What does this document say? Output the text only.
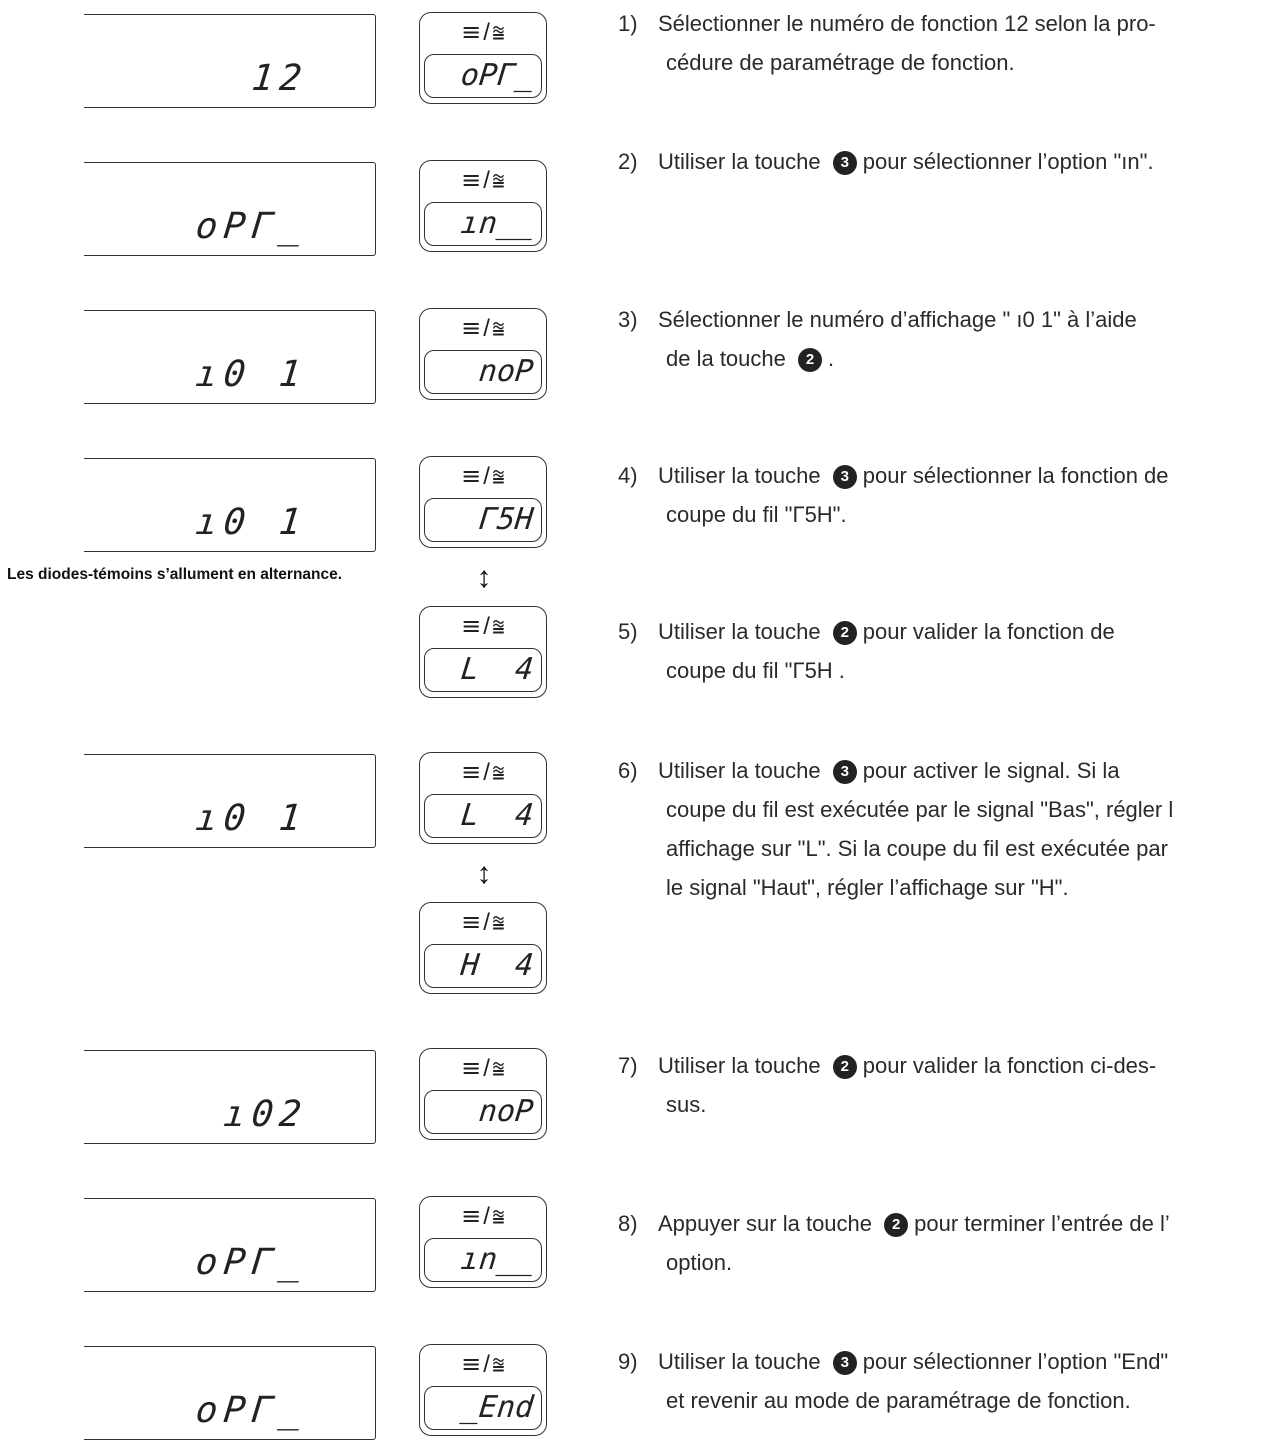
12
oPΓ_
ı0 1
ı0 1
ı0 1
ı02
oPΓ_
oPΓ_
≡/⩰
oPΓ_
≡/⩰
ın__
≡/⩰
noP
≡/⩰
Γ5H
Les diodes-témoins s’allument en alternance.	↕
≡/⩰
L  4
≡/⩰
L  4
↕
≡/⩰
H  4
≡/⩰
noP
≡/⩰
ın__
≡/⩰
_End
1) Sélectionner le numéro de fonction 12 selon la pro-
cédure de paramétrage de fonction.
2) Utiliser la touche 3 pour sélectionner l’option "ın".
3) Sélectionner le numéro d’affichage " ı0 1" à l’aide
de la touche 2 .
4) Utiliser la touche 3 pour sélectionner la fonction de
coupe du fil "Γ5H".
5) Utiliser la touche 2 pour valider la fonction de
coupe du fil "Γ5H .
6) Utiliser la touche 3 pour activer le signal. Si la
coupe du fil est exécutée par le signal "Bas", régler l
affichage sur "L". Si la coupe du fil est exécutée par
le signal "Haut", régler l’affichage sur "H".
7) Utiliser la touche 2 pour valider la fonction ci-des-
sus.
8) Appuyer sur la touche 2 pour terminer l’entrée de l’
option.
9) Utiliser la touche 3 pour sélectionner l’option "End"
et revenir au mode de paramétrage de fonction.
